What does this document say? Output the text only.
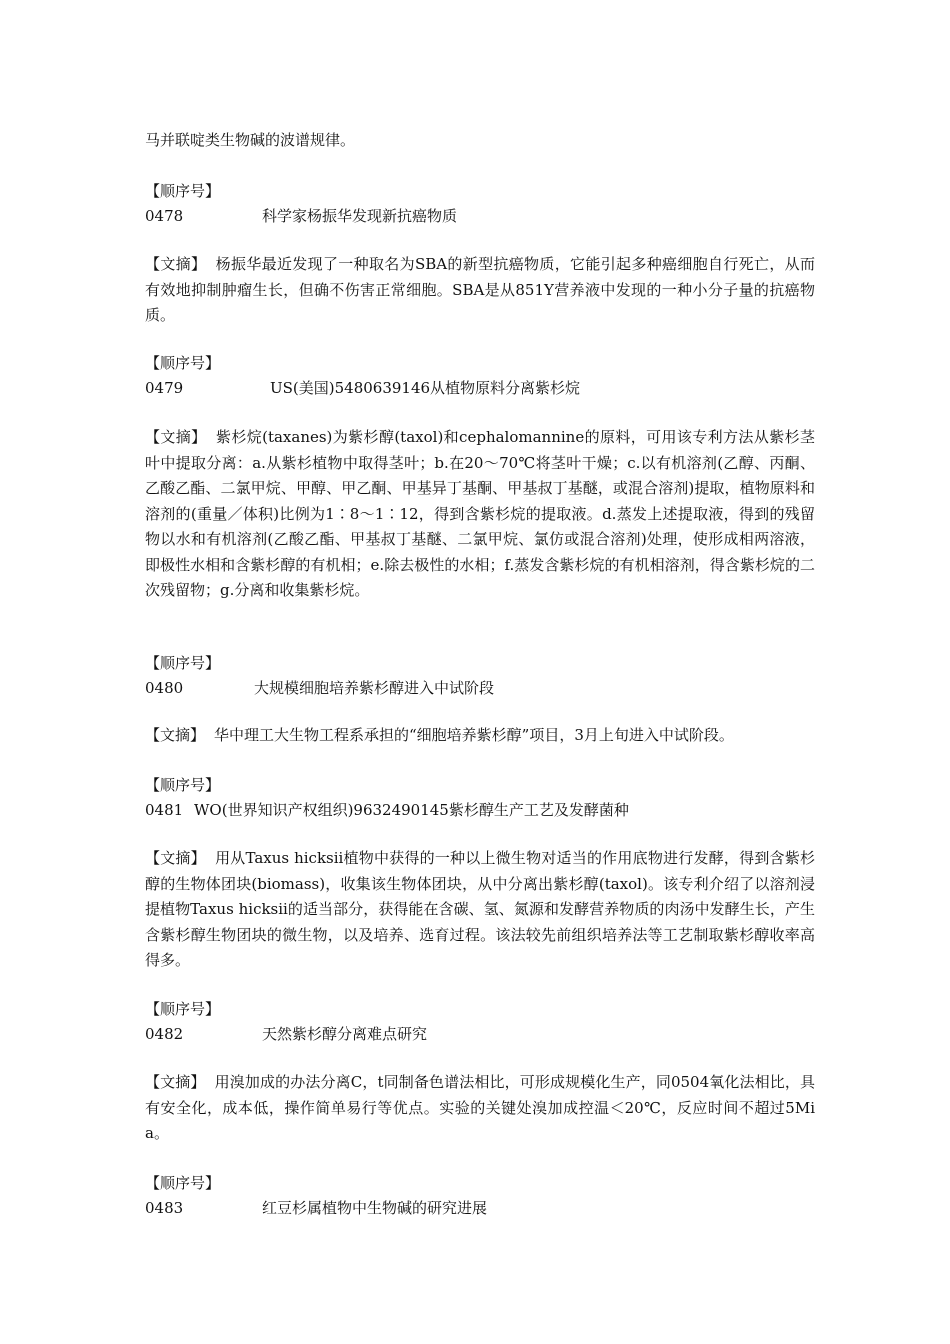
马并联啶类生物碱的波谱规律。
【顺序号】
0478	科学家杨振华发现新抗癌物质
【文摘】 杨振华最近发现了一种取名为SBA的新型抗癌物质，它能引起多种癌细胞自行死亡，从而有效地抑制肿瘤生长，但确不伤害正常细胞。SBA是从851Y营养液中发现的一种小分子量的抗癌物质。
【顺序号】
0479	US(美国)5480639146从植物原料分离紫杉烷
【文摘】 紫杉烷(taxanes)为紫杉醇(taxol)和cephalomannine的原料，可用该专利方法从紫杉茎叶中提取分离：a.从紫杉植物中取得茎叶；b.在20～70℃将茎叶干燥；c.以有机溶剂(乙醇、丙酮、乙酸乙酯、二氯甲烷、甲醇、甲乙酮、甲基异丁基酮、甲基叔丁基醚，或混合溶剂)提取，植物原料和溶剂的(重量／体积)比例为1∶8～1∶12，得到含紫杉烷的提取液。d.蒸发上述提取液，得到的残留物以水和有机溶剂(乙酸乙酯、甲基叔丁基醚、二氯甲烷、氯仿或混合溶剂)处理，使形成相两溶液，即极性水相和含紫杉醇的有机相；e.除去极性的水相；f.蒸发含紫杉烷的有机相溶剂，得含紫杉烷的二次残留物；g.分离和收集紫杉烷。
【顺序号】
0480	大规模细胞培养紫杉醇进入中试阶段
【文摘】 华中理工大生物工程系承担的“细胞培养紫杉醇”项目，3月上旬进入中试阶段。
【顺序号】
0481 WO(世界知识产权组织)9632490145紫杉醇生产工艺及发酵菌种
【文摘】 用从Taxus hicksii植物中获得的一种以上微生物对适当的作用底物进行发酵，得到含紫杉醇的生物体团块(biomass)，收集该生物体团块，从中分离出紫杉醇(taxol)。该专利介绍了以溶剂浸提植物Taxus hicksii的适当部分，获得能在含碳、氢、氮源和发酵营养物质的肉汤中发酵生长，产生含紫杉醇生物团块的微生物，以及培养、选育过程。该法较先前组织培养法等工艺制取紫杉醇收率高得多。
【顺序号】
0482	天然紫杉醇分离难点研究
【文摘】 用溴加成的办法分离C，t同制备色谱法相比，可形成规模化生产，同0504氧化法相比，具有安全化，成本低，操作简单易行等优点。实验的关键处溴加成控温＜20℃，反应时间不超过5Mia。
【顺序号】
0483	红豆杉属植物中生物碱的研究进展
